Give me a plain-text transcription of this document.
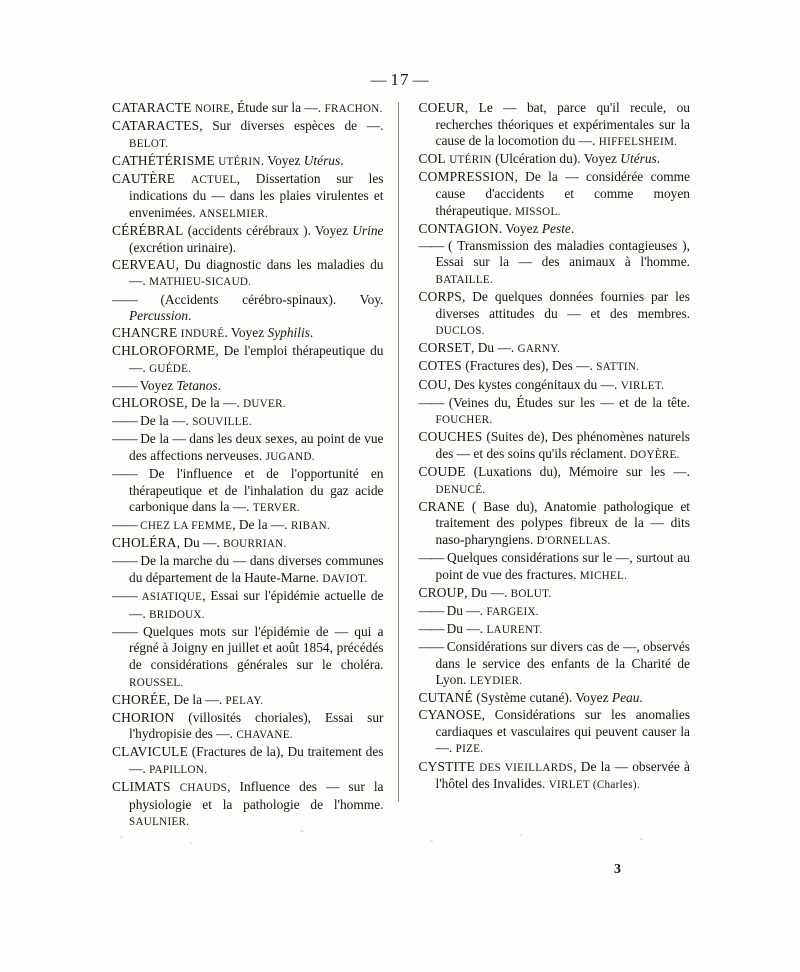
— 17 —

CATARACTE NOIRE, Étude sur la —. FRACHON.

CATARACTES, Sur diverses espèces de —. BELOT.

CATHÉTÉRISME UTÉRIN. Voyez Utérus.

CAUTÈRE ACTUEL, Dissertation sur les indications du — dans les plaies virulentes et envenimées. ANSELMIER.

CÉRÉBRAL (accidents cérébraux ). Voyez Urine (excrétion urinaire).

CERVEAU, Du diagnostic dans les maladies du —. MATHIEU-SICAUD.

—— (Accidents cérébro-spinaux). Voy. Percussion.

CHANCRE INDURÉ. Voyez Syphilis.

CHLOROFORME, De l'emploi thérapeutique du —. GUÉDE.

—— Voyez Tetanos.

CHLOROSE, De la —. DUVER.

—— De la —. SOUVILLE.

—— De la — dans les deux sexes, au point de vue des affections nerveuses. JUGAND.

—— De l'influence et de l'opportunité en thérapeutique et de l'inhalation du gaz acide carbonique dans la —. TERVER.

—— CHEZ LA FEMME, De la —. RIBAN.

CHOLÉRA, Du —. BOURRIAN.

—— De la marche du — dans diverses communes du département de la Haute-Marne. DAVIOT.

—— ASIATIQUE, Essai sur l'épidémie actuelle de —. BRIDOUX.

—— Quelques mots sur l'épidémie de — qui a régné à Joigny en juillet et août 1854, précédés de considérations générales sur le choléra. ROUSSEL.

CHORÉE, De la —. PELAY.

CHORION (villosités choriales), Essai sur l'hydropisie des —. CHAVANE.

CLAVICULE (Fractures de la), Du traitement des —. PAPILLON.

CLIMATS CHAUDS, Influence des — sur la physiologie et la pathologie de l'homme. SAULNIER.

COEUR, Le — bat, parce qu'il recule, ou recherches théoriques et expérimentales sur la cause de la locomotion du —. HIFFELSHEIM.

COL UTÉRIN (Ulcération du). Voyez Utérus.

COMPRESSION, De la — considérée comme cause d'accidents et comme moyen thérapeutique. MISSOL.

CONTAGION. Voyez Peste.

—— ( Transmission des maladies contagieuses ), Essai sur la — des animaux à l'homme. BATAILLE.

CORPS, De quelques données fournies par les diverses attitudes du — et des membres. DUCLOS.

CORSET, Du —. GARNY.

COTES (Fractures des), Des —. SATTIN.

COU, Des kystes congénitaux du —. VIRLET.

—— (Veines du, Études sur les — et de la tête. FOUCHER.

COUCHES (Suites de), Des phénomènes naturels des — et des soins qu'ils réclament. DOYÈRE.

COUDE (Luxations du), Mémoire sur les —. DENUCÉ.

CRANE ( Base du), Anatomie pathologique et traitement des polypes fibreux de la — dits naso-pharyngiens. D'ORNELLAS.

—— Quelques considérations sur le —, surtout au point de vue des fractures. MICHEL.

CROUP, Du —. BOLUT.

—— Du —. FARGEIX.

—— Du —. LAURENT.

—— Considérations sur divers cas de —, observés dans le service des enfants de la Charité de Lyon. LEYDIER.

CUTANÉ (Système cutané). Voyez Peau.

CYANOSE, Considérations sur les anomalies cardiaques et vasculaires qui peuvent causer la —. PIZE.

CYSTITE DES VIEILLARDS, De la — observée à l'hôtel des Invalides. VIRLET (Charles).

3
